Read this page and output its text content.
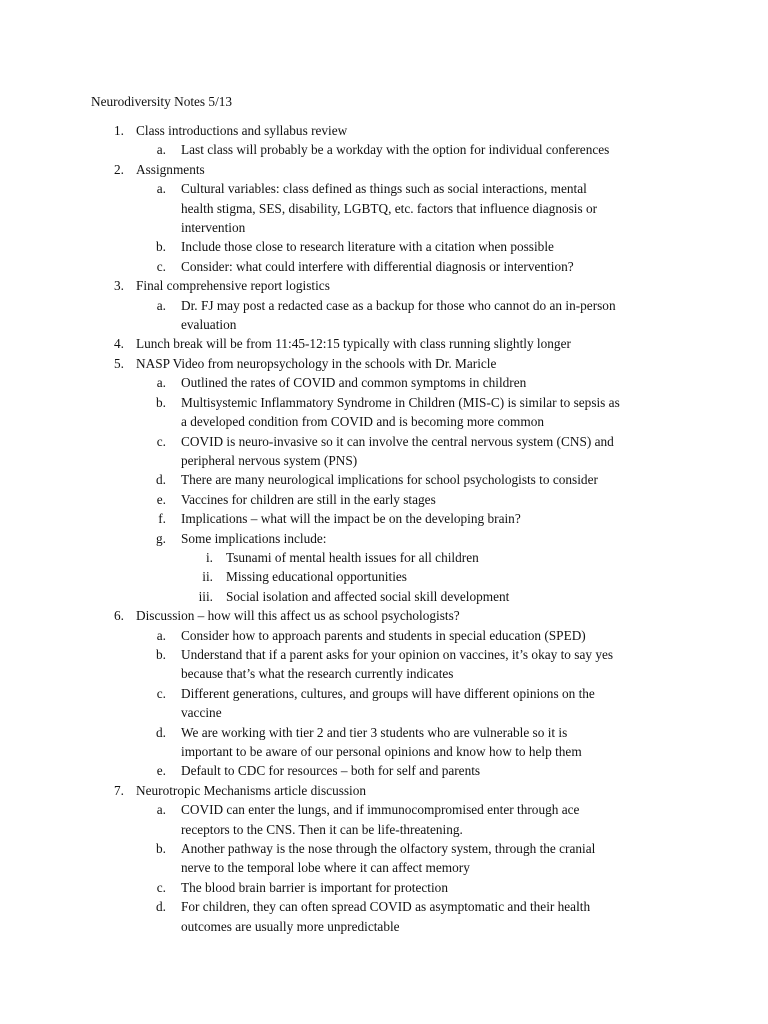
Neurodiversity Notes 5/13
1. Class introductions and syllabus review
a. Last class will probably be a workday with the option for individual conferences
2. Assignments
a. Cultural variables: class defined as things such as social interactions, mental
health stigma, SES, disability, LGBTQ, etc. factors that influence diagnosis or
intervention
b. Include those close to research literature with a citation when possible
c. Consider: what could interfere with differential diagnosis or intervention?
3. Final comprehensive report logistics
a. Dr. FJ may post a redacted case as a backup for those who cannot do an in-person
evaluation
4. Lunch break will be from 11:45-12:15 typically with class running slightly longer
5. NASP Video from neuropsychology in the schools with Dr. Maricle
a. Outlined the rates of COVID and common symptoms in children
b. Multisystemic Inflammatory Syndrome in Children (MIS-C) is similar to sepsis as
a developed condition from COVID and is becoming more common
c. COVID is neuro-invasive so it can involve the central nervous system (CNS) and
peripheral nervous system (PNS)
d. There are many neurological implications for school psychologists to consider
e. Vaccines for children are still in the early stages
f. Implications – what will the impact be on the developing brain?
g. Some implications include:
i. Tsunami of mental health issues for all children
ii. Missing educational opportunities
iii. Social isolation and affected social skill development
6. Discussion – how will this affect us as school psychologists?
a. Consider how to approach parents and students in special education (SPED)
b. Understand that if a parent asks for your opinion on vaccines, it’s okay to say yes
because that’s what the research currently indicates
c. Different generations, cultures, and groups will have different opinions on the
vaccine
d. We are working with tier 2 and tier 3 students who are vulnerable so it is
important to be aware of our personal opinions and know how to help them
e. Default to CDC for resources – both for self and parents
7. Neurotropic Mechanisms article discussion
a. COVID can enter the lungs, and if immunocompromised enter through ace
receptors to the CNS. Then it can be life-threatening.
b. Another pathway is the nose through the olfactory system, through the cranial
nerve to the temporal lobe where it can affect memory
c. The blood brain barrier is important for protection
d. For children, they can often spread COVID as asymptomatic and their health
outcomes are usually more unpredictable
